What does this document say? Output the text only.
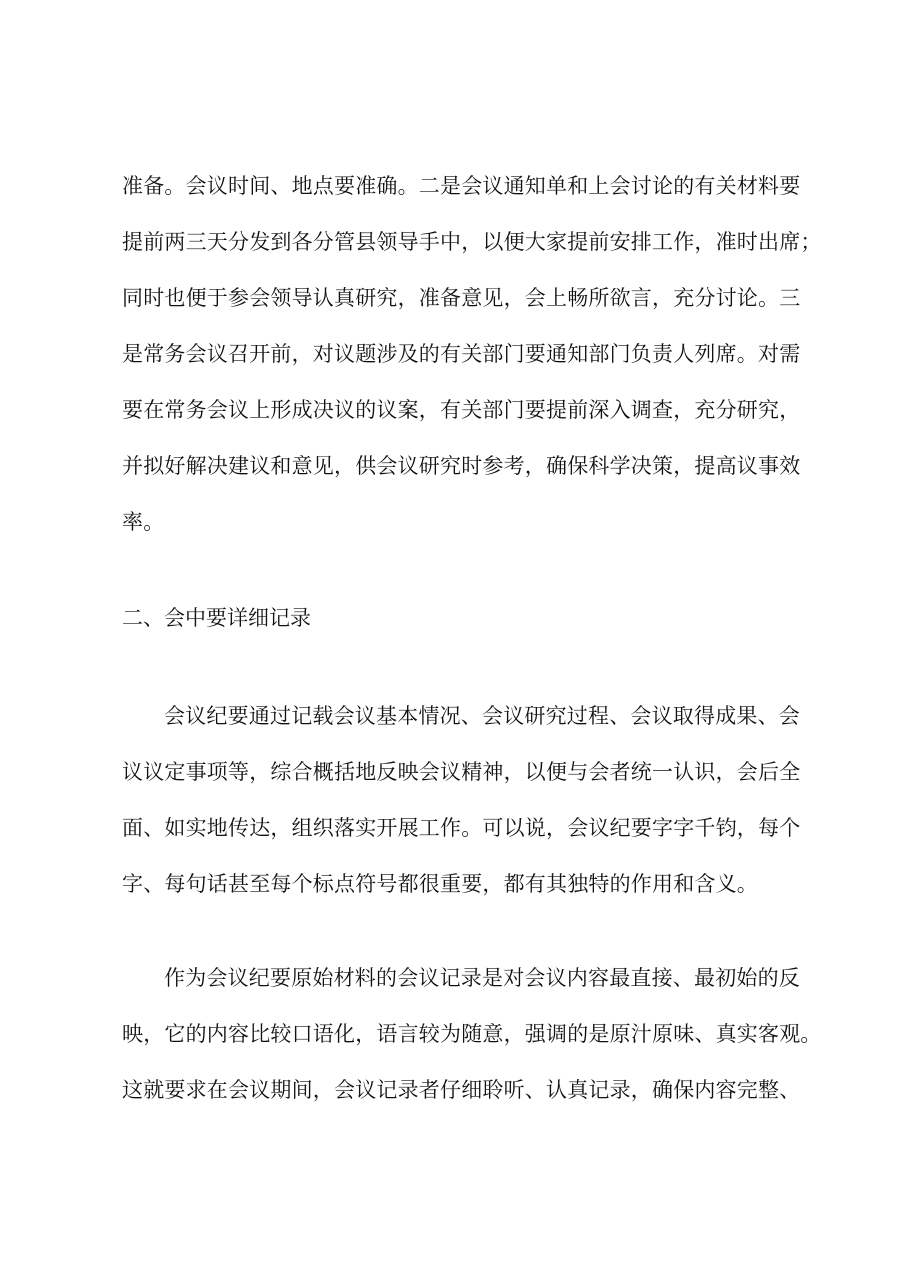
准备。会议时间、地点要准确。二是会议通知单和上会讨论的有关材料要
提前两三天分发到各分管县领导手中，以便大家提前安排工作，准时出席；
同时也便于参会领导认真研究，准备意见，会上畅所欲言，充分讨论。三
是常务会议召开前，对议题涉及的有关部门要通知部门负责人列席。对需
要在常务会议上形成决议的议案，有关部门要提前深入调查，充分研究，
并拟好解决建议和意见，供会议研究时参考，确保科学决策，提高议事效
率。
二、会中要详细记录
会议纪要通过记载会议基本情况、会议研究过程、会议取得成果、会
议议定事项等，综合概括地反映会议精神，以便与会者统一认识，会后全
面、如实地传达，组织落实开展工作。可以说，会议纪要字字千钧，每个
字、每句话甚至每个标点符号都很重要，都有其独特的作用和含义。
作为会议纪要原始材料的会议记录是对会议内容最直接、最初始的反
映，它的内容比较口语化，语言较为随意，强调的是原汁原味、真实客观。
这就要求在会议期间，会议记录者仔细聆听、认真记录，确保内容完整、
